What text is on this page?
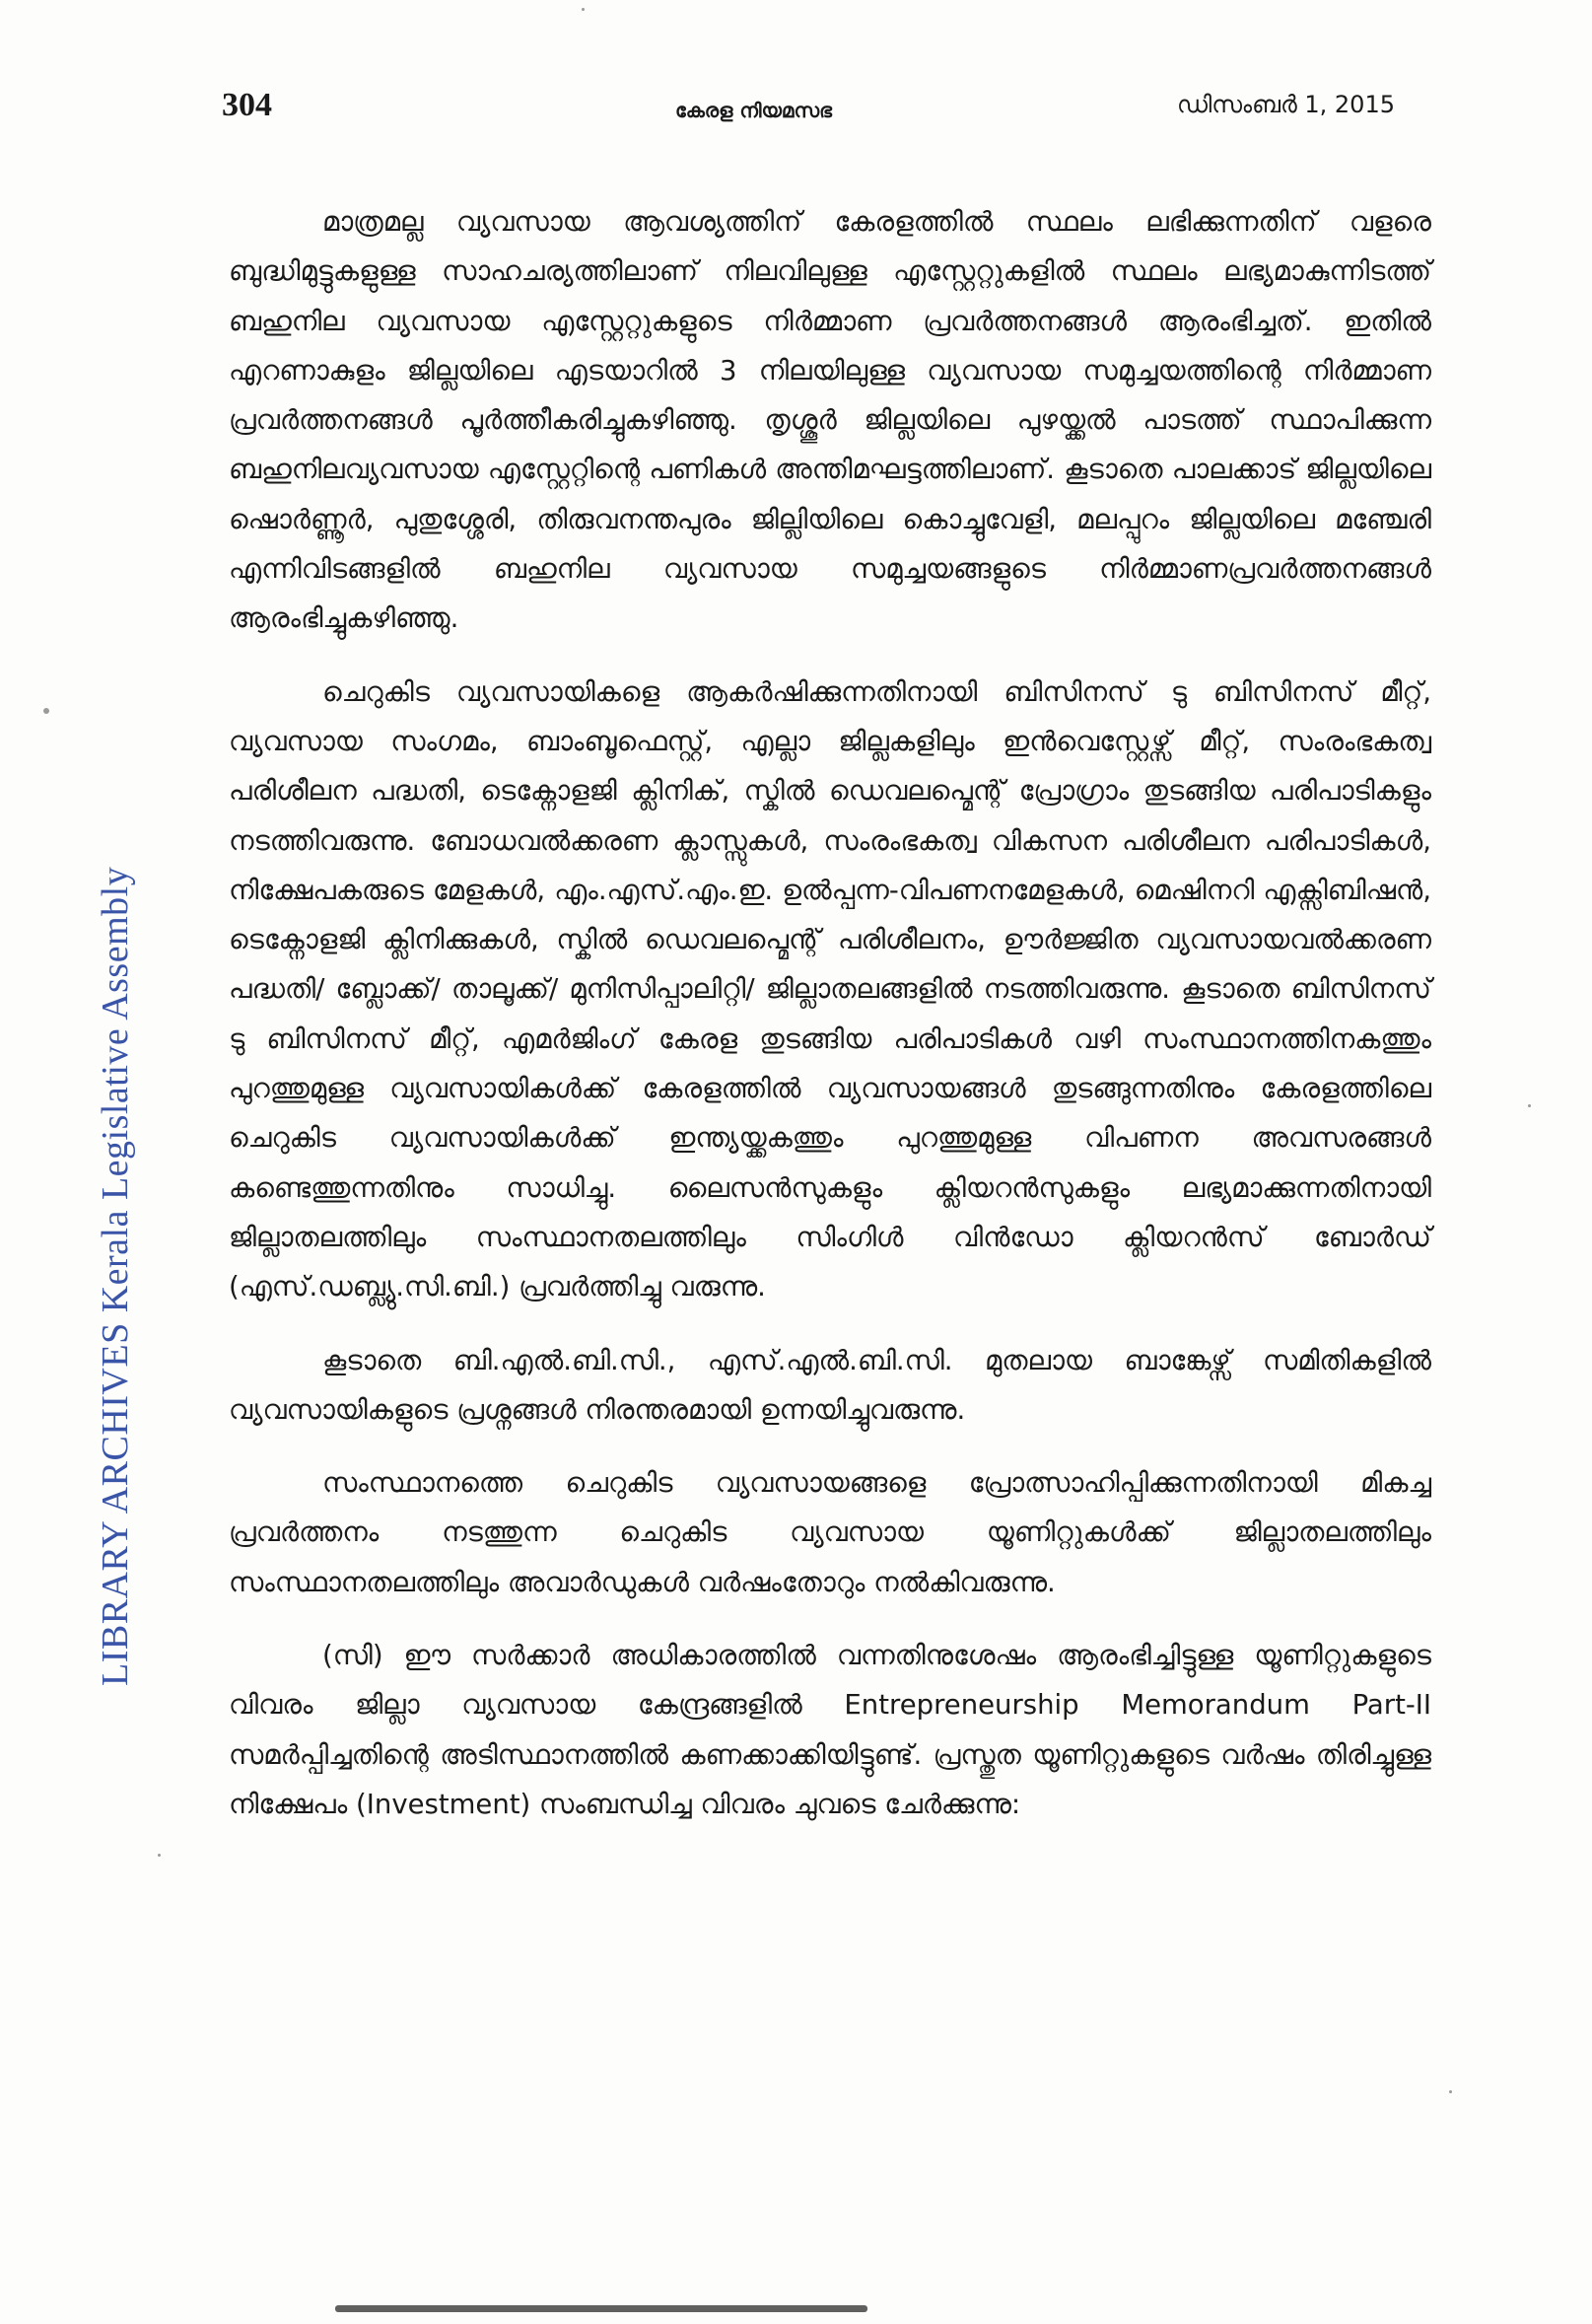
304	കേരള നിയമസഭ	ഡിസംബർ 1, 2015
LIBRARY ARCHIVES Kerala Legislative Assembly

മാത്രമല്ല വ്യവസായ ആവശ്യത്തിന് കേരളത്തിൽ സ്ഥലം ലഭിക്കുന്നതിന് വളരെ ബുദ്ധിമുട്ടുകളുള്ള സാഹചര്യത്തിലാണ് നിലവിലുള്ള എസ്റ്റേറ്റുകളിൽ സ്ഥലം ലഭ്യമാകുന്നിടത്ത് ബഹുനില വ്യവസായ എസ്റ്റേറ്റുകളുടെ നിർമ്മാണ പ്രവർത്തനങ്ങൾ ആരംഭിച്ചത്. ഇതിൽ എറണാകുളം ജില്ലയിലെ എടയാറിൽ 3 നിലയിലുള്ള വ്യവസായ സമുച്ചയത്തിന്റെ നിർമ്മാണ പ്രവർത്തനങ്ങൾ പൂർത്തീകരിച്ചുകഴിഞ്ഞു. തൃശ്ശൂർ ജില്ലയിലെ പുഴയ്ക്കൽ പാടത്ത് സ്ഥാപിക്കുന്ന ബഹുനിലവ്യവസായ എസ്റ്റേറ്റിന്റെ പണികൾ അന്തിമഘട്ടത്തിലാണ്. കൂടാതെ പാലക്കാട് ജില്ലയിലെ ഷൊർണ്ണൂർ, പുതുശ്ശേരി, തിരുവനന്തപുരം ജില്ലിയിലെ കൊച്ചുവേളി, മലപ്പുറം ജില്ലയിലെ മഞ്ചേരി എന്നിവിടങ്ങളിൽ ബഹുനില വ്യവസായ സമുച്ചയങ്ങളുടെ നിർമ്മാണപ്രവർത്തനങ്ങൾ ആരംഭിച്ചുകഴിഞ്ഞു.

ചെറുകിട വ്യവസായികളെ ആകർഷിക്കുന്നതിനായി ബിസിനസ് ടു ബിസിനസ് മീറ്റ്, വ്യവസായ സംഗമം, ബാംബൂഫെസ്റ്റ്, എല്ലാ ജില്ലകളിലും ഇൻവെസ്റ്റേഴ്സ് മീറ്റ്, സംരംഭകത്വ പരിശീലന പദ്ധതി, ടെക്നോളജി ക്ലിനിക്, സ്കിൽ ഡെവലപ്മെന്റ് പ്രോഗ്രാം തുടങ്ങിയ പരിപാടികളും നടത്തിവരുന്നു. ബോധവൽക്കരണ ക്ലാസ്സുകൾ, സംരംഭകത്വ വികസന പരിശീലന പരിപാടികൾ, നിക്ഷേപകരുടെ മേളകൾ, എം.എസ്.എം.ഇ. ഉൽപ്പന്ന-വിപണനമേളകൾ, മെഷിനറി എക്സിബിഷൻ, ടെക്നോളജി ക്ലിനിക്കുകൾ, സ്കിൽ ഡെവലപ്മെന്റ് പരിശീലനം, ഊർജ്ജിത വ്യവസായവൽക്കരണ പദ്ധതി/ ബ്ലോക്ക്/ താലൂക്ക്/ മുനിസിപ്പാലിറ്റി/ ജില്ലാതലങ്ങളിൽ നടത്തിവരുന്നു. കൂടാതെ ബിസിനസ് ടു ബിസിനസ് മീറ്റ്, എമർജിംഗ് കേരള തുടങ്ങിയ പരിപാടികൾ വഴി സംസ്ഥാനത്തിനകത്തും പുറത്തുമുള്ള വ്യവസായികൾക്ക് കേരളത്തിൽ വ്യവസായങ്ങൾ തുടങ്ങുന്നതിനും കേരളത്തിലെ ചെറുകിട വ്യവസായികൾക്ക് ഇന്ത്യയ്ക്കകത്തും പുറത്തുമുള്ള വിപണന അവസരങ്ങൾ കണ്ടെത്തുന്നതിനും സാധിച്ചു. ലൈസൻസുകളും ക്ലിയറൻസുകളും ലഭ്യമാക്കുന്നതിനായി ജില്ലാതലത്തിലും സംസ്ഥാനതലത്തിലും സിംഗിൾ വിൻഡോ ക്ലിയറൻസ് ബോർഡ് (എസ്.ഡബ്ല്യു.സി.ബി.) പ്രവർത്തിച്ചു വരുന്നു.

കൂടാതെ ബി.എൽ.ബി.സി., എസ്.എൽ.ബി.സി. മുതലായ ബാങ്കേഴ്സ് സമിതികളിൽ വ്യവസായികളുടെ പ്രശ്നങ്ങൾ നിരന്തരമായി ഉന്നയിച്ചുവരുന്നു.

സംസ്ഥാനത്തെ ചെറുകിട വ്യവസായങ്ങളെ പ്രോത്സാഹിപ്പിക്കുന്നതിനായി മികച്ച പ്രവർത്തനം നടത്തുന്ന ചെറുകിട വ്യവസായ യൂണിറ്റുകൾക്ക് ജില്ലാതലത്തിലും സംസ്ഥാനതലത്തിലും അവാർഡുകൾ വർഷംതോറും നൽകിവരുന്നു.

(സി) ഈ സർക്കാർ അധികാരത്തിൽ വന്നതിനുശേഷം ആരംഭിച്ചിട്ടുള്ള യൂണിറ്റുകളുടെ വിവരം ജില്ലാ വ്യവസായ കേന്ദ്രങ്ങളിൽ Entrepreneurship Memorandum Part-II സമർപ്പിച്ചതിന്റെ അടിസ്ഥാനത്തിൽ കണക്കാക്കിയിട്ടുണ്ട്. പ്രസ്തുത യൂണിറ്റുകളുടെ വർഷം തിരിച്ചുള്ള നിക്ഷേപം (Investment) സംബന്ധിച്ച വിവരം ചുവടെ ചേർക്കുന്നു:
